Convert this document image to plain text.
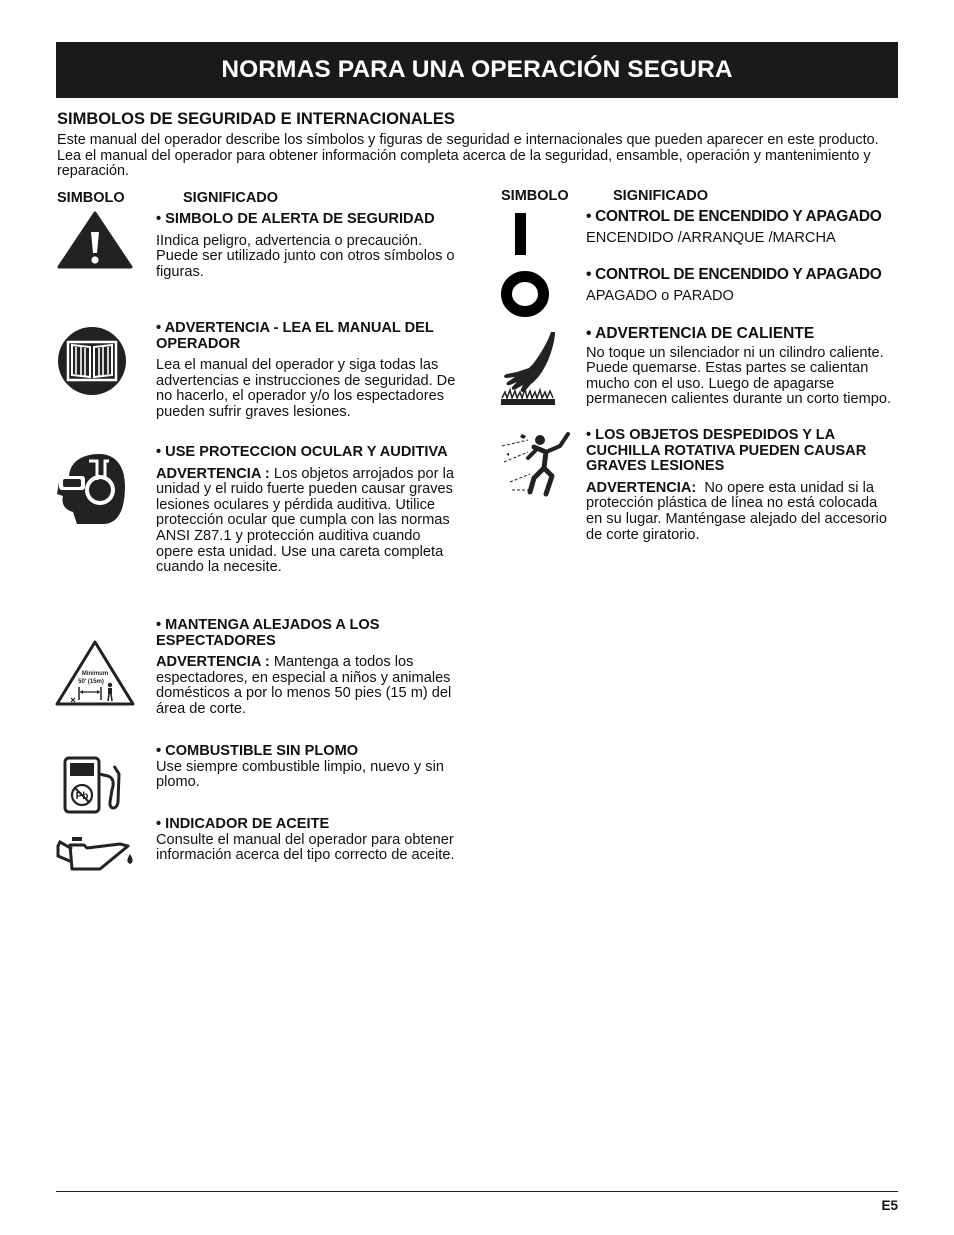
NORMAS PARA UNA OPERACIÓN SEGURA
SIMBOLOS DE SEGURIDAD E INTERNACIONALES
Este manual del operador describe los símbolos y figuras de seguridad e internacionales que pueden aparecer en este producto. Lea el manual del operador para obtener información completa acerca de la seguridad, ensamble, operación y mantenimiento y reparación.
SIMBOLO	SIGNIFICADO	SIMBOLO	SIGNIFICADO
• SIMBOLO DE ALERTA DE SEGURIDAD
IIndica peligro, advertencia o precaución. Puede ser utilizado junto con otros símbolos o figuras.
• ADVERTENCIA - LEA EL MANUAL DEL OPERADOR
Lea el manual del operador y siga todas las advertencias e instrucciones de seguridad. De no hacerlo, el operador y/o los espectadores pueden sufrir graves lesiones.
• USE PROTECCION OCULAR Y AUDITIVA
ADVERTENCIA : Los objetos arrojados por la unidad y el ruido fuerte pueden causar graves lesiones oculares y pérdida auditiva. Utilice protección ocular que cumpla con las normas ANSI Z87.1 y protección auditiva cuando opere esta unidad. Use una careta completa cuando la necesite.
Minimum
50' (15m)
• MANTENGA ALEJADOS A LOS ESPECTADORES
ADVERTENCIA : Mantenga a todos los espectadores, en especial a niños y animales domésticos a por lo menos 50 pies (15 m) del área de corte.
Pb
• COMBUSTIBLE SIN PLOMO
Use siempre combustible limpio, nuevo y sin plomo.
• INDICADOR DE ACEITE
Consulte el manual del operador para obtener información acerca del tipo correcto de aceite.
• CONTROL DE ENCENDIDO Y APAGADO
ENCENDIDO /ARRANQUE /MARCHA
• CONTROL DE ENCENDIDO Y APAGADO
APAGADO o PARADO
• ADVERTENCIA DE CALIENTE
No toque un silenciador ni un cilindro caliente. Puede quemarse. Estas partes se calientan mucho con el uso. Luego de apagarse permanecen calientes durante un corto tiempo.
• LOS OBJETOS DESPEDIDOS Y LA CUCHILLA ROTATIVA PUEDEN CAUSAR GRAVES LESIONES
ADVERTENCIA: No opere esta unidad si la protección plástica de línea no está colocada en su lugar. Manténgase alejado del accesorio de corte giratorio.
E5
